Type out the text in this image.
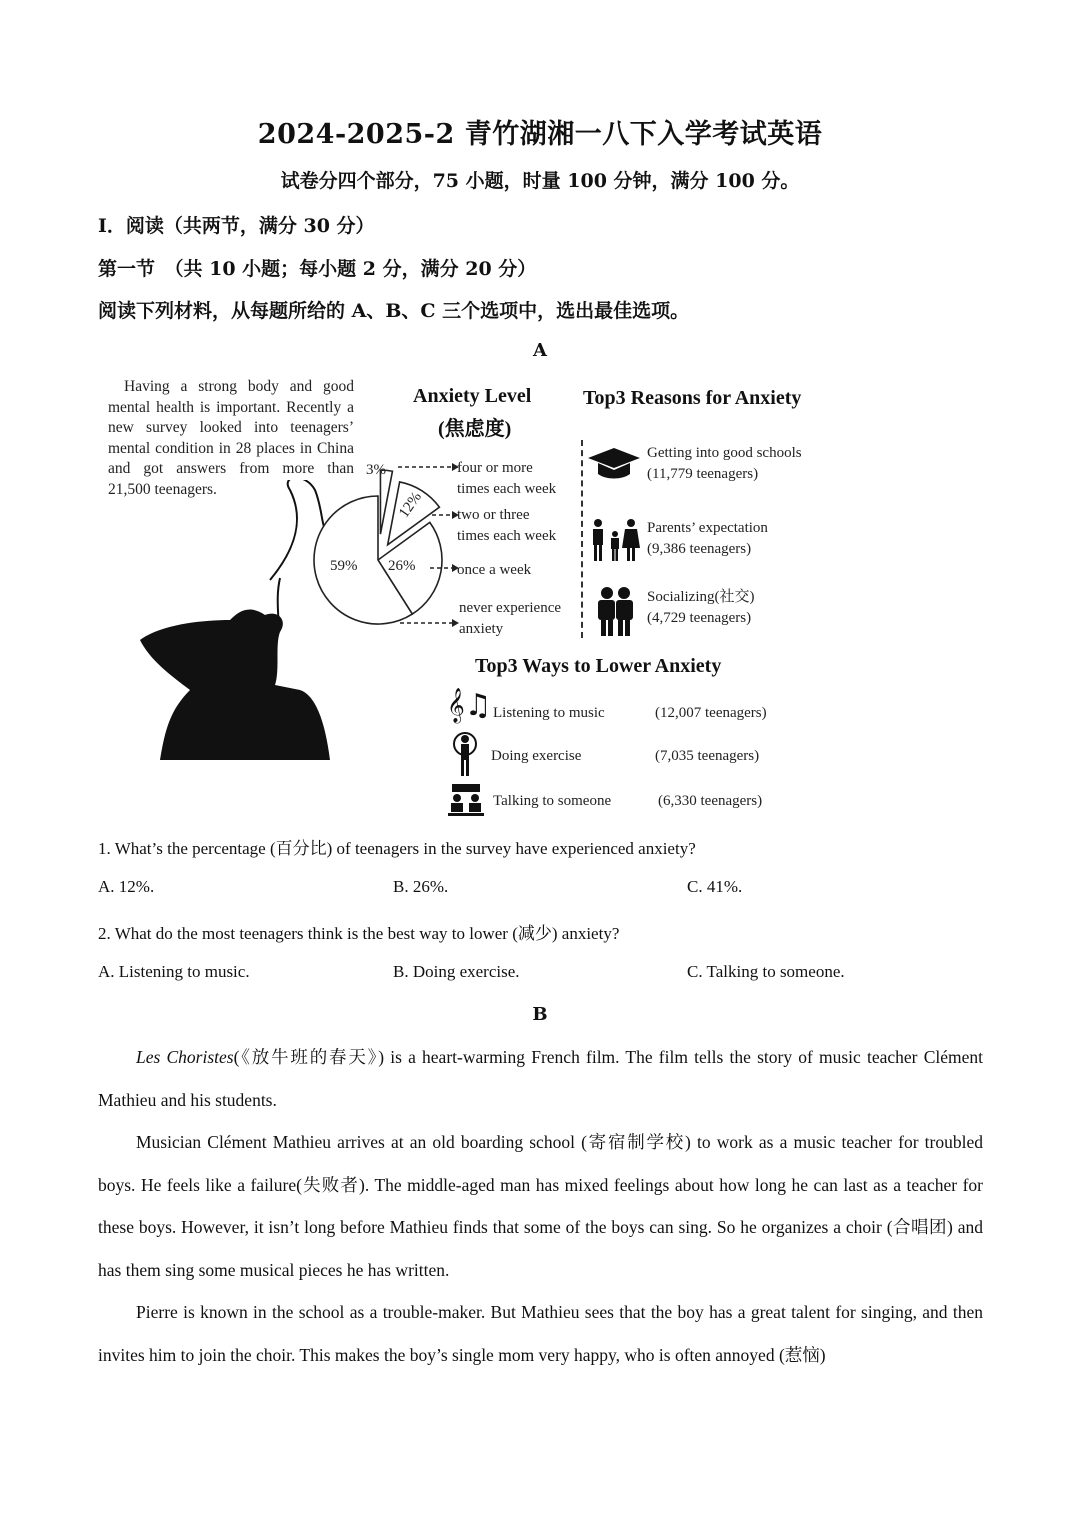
2024-2025-2 青竹湖湘一八下入学考试英语
试卷分四个部分，75 小题，时量 100 分钟，满分 100 分。
I．阅读（共两节，满分 30 分）
第一节　（共 10 小题；每小题 2 分，满分 20 分）
阅读下列材料，从每题所给的 A、B、C 三个选项中，选出最佳选项。
A
Having a strong body and good mental health is important. Recently a new survey looked into teenagers’ mental condition in 28 places in China and got answers from more than 21,500 teenagers.
3%
12%
26%
59%
four or more
times each week
two or three
times each week
once a week
never experience
anxiety
Anxiety Level
(焦虑度)
Top3 Reasons for Anxiety
Top3 Ways to Lower Anxiety
Getting into good schools
(11,779 teenagers)
Parents’ expectation
(9,386 teenagers)
Socializing(社交)
(4,729 teenagers)
𝄞♫ Listening to music	(12,007 teenagers)
Doing exercise	(7,035 teenagers)
Talking to someone	(6,330 teenagers)
1. What’s the percentage (百分比) of teenagers in the survey have experienced anxiety?
A. 12%.	B. 26%.	C. 41%.
2. What do the most teenagers think is the best way to lower (减少) anxiety?
A. Listening to music.	B. Doing exercise.	C. Talking to someone.
B
Les Choristes(《放牛班的春天》) is a heart-warming French film. The film tells the story of music teacher Clément Mathieu and his students.
Musician Clément Mathieu arrives at an old boarding school (寄宿制学校) to work as a music teacher for troubled boys. He feels like a failure(失败者). The middle-aged man has mixed feelings about how long he can last as a teacher for these boys. However, it isn’t long before Mathieu finds that some of the boys can sing. So he organizes a choir (合唱团) and has them sing some musical pieces he has written.
Pierre is known in the school as a trouble-maker. But Mathieu sees that the boy has a great talent for singing, and then invites him to join the choir. This makes the boy’s single mom very happy, who is often annoyed (惹恼)
